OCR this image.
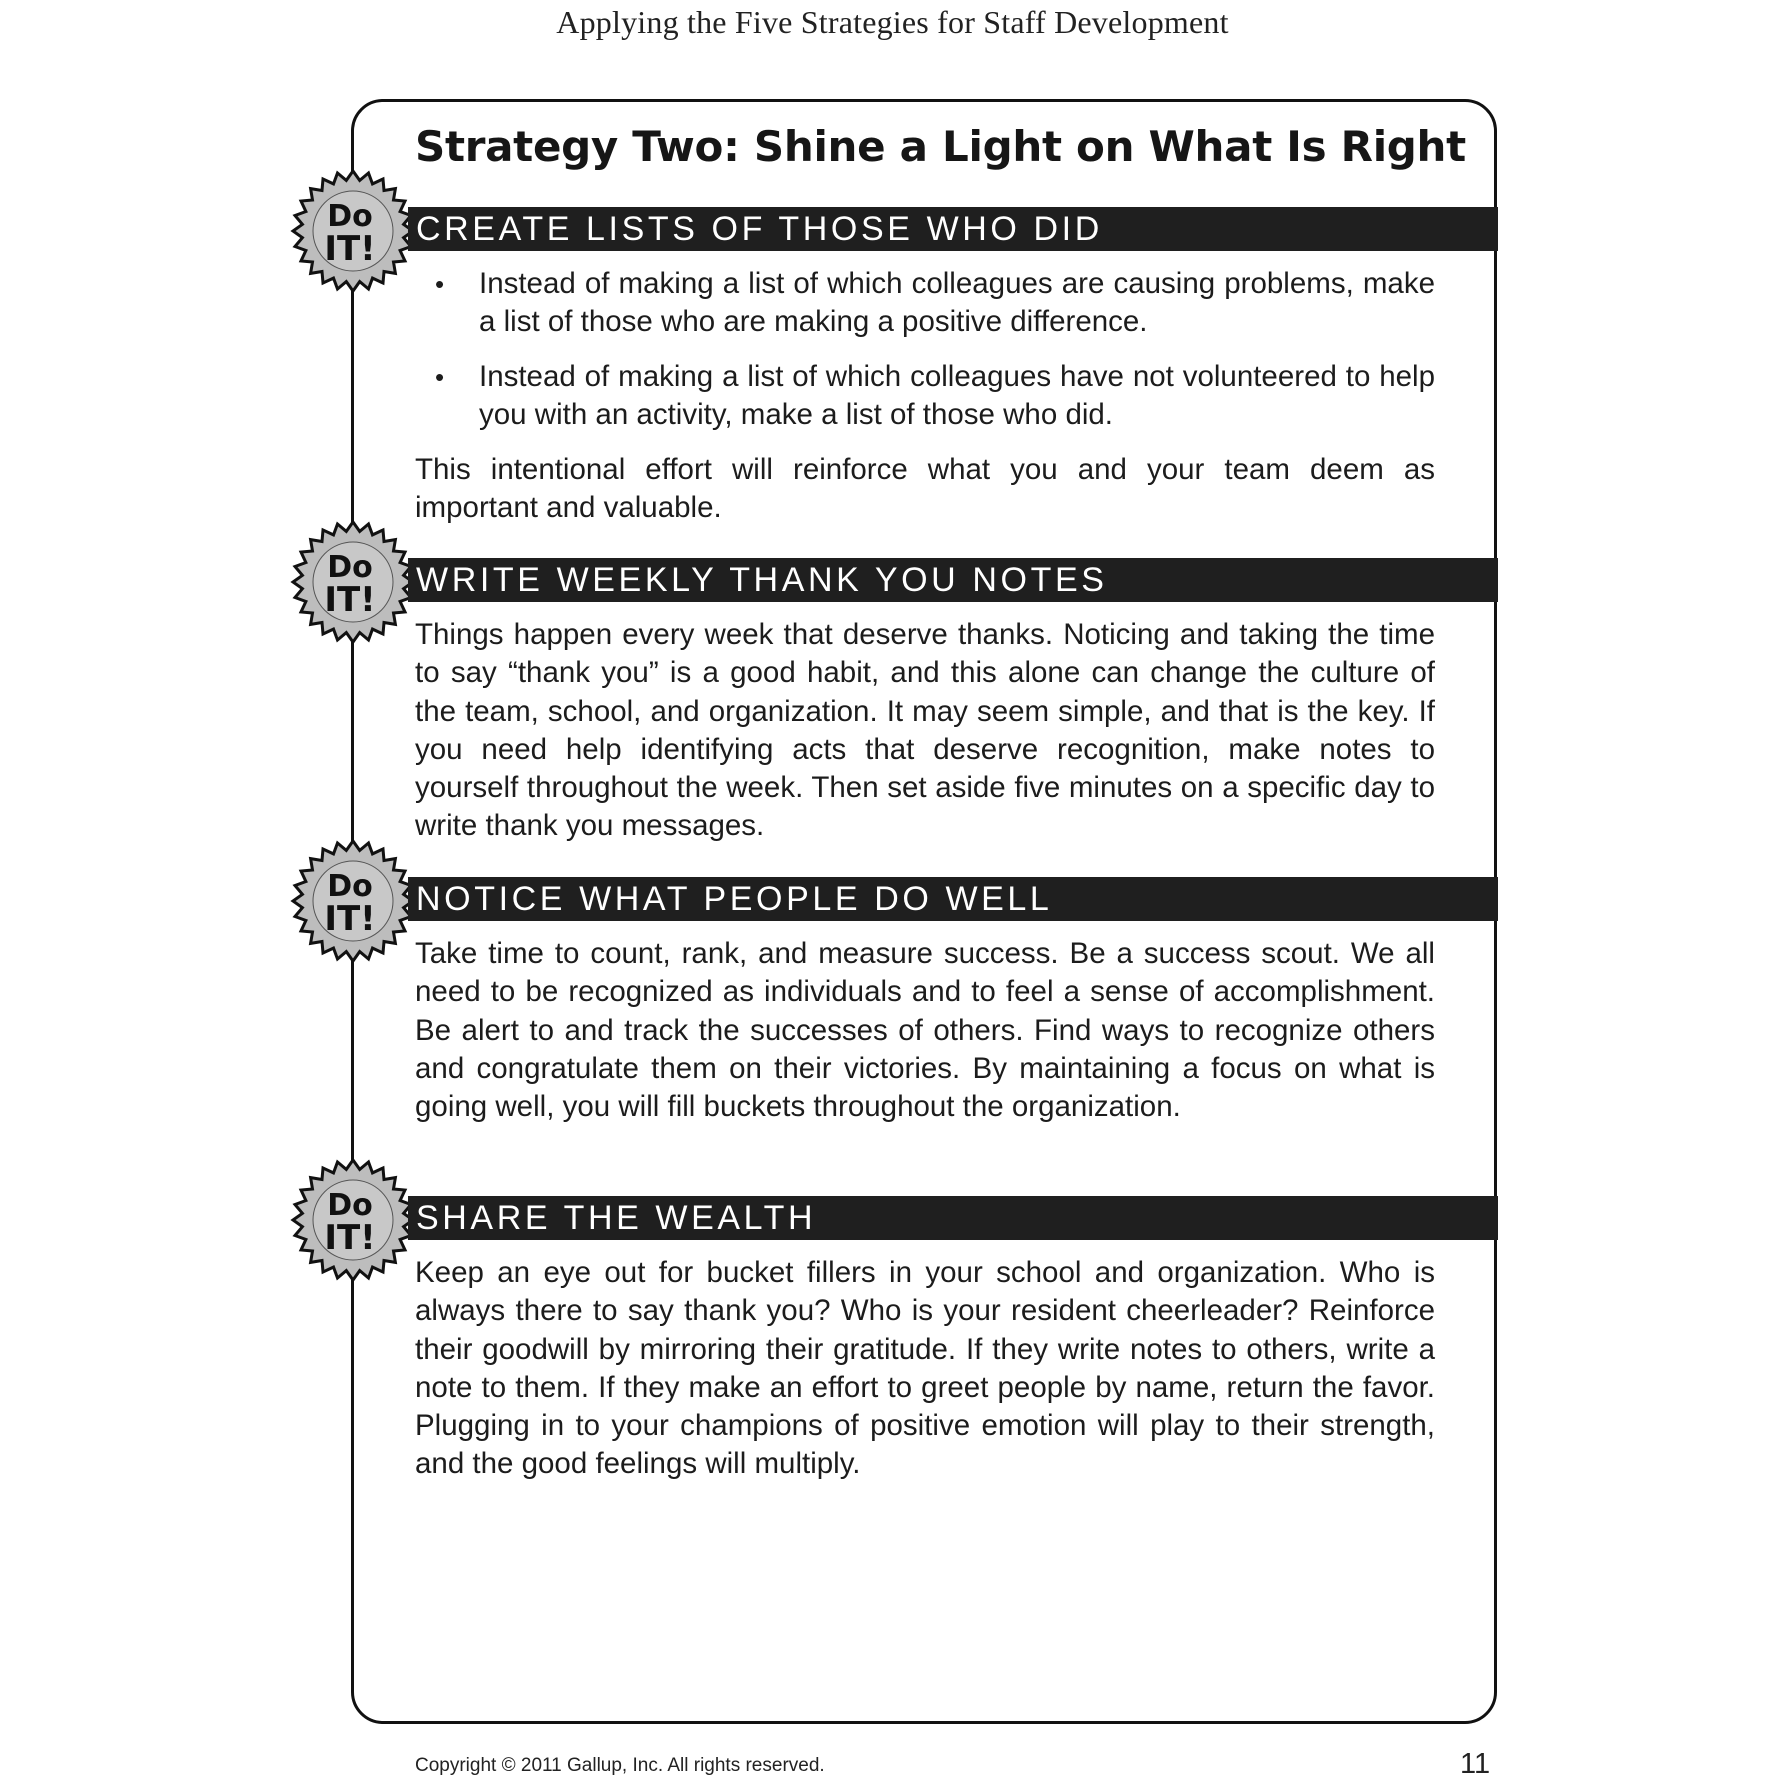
Applying the Five Strategies for Staff Development
Strategy Two: Shine a Light on What Is Right
Do
IT! CREATE LISTS OF THOSE WHO DID
• Instead of making a list of which colleagues are causing problems, make a list of those who are making a positive difference.

• Instead of making a list of which colleagues have not volunteered to help you with an activity, make a list of those who did.

This intentional effort will reinforce what you and your team deem as important and valuable.

Do
IT! WRITE WEEKLY THANK YOU NOTES

Things happen every week that deserve thanks. Noticing and taking the time to say “thank you” is a good habit, and this alone can change the culture of the team, school, and organization. It may seem simple, and that is the key. If you need help identifying acts that deserve recognition, make notes to yourself throughout the week. Then set aside five minutes on a specific day to write thank you messages.

Do
IT! NOTICE WHAT PEOPLE DO WELL

Take time to count, rank, and measure success. Be a success scout. We all need to be recognized as individuals and to feel a sense of accomplishment. Be alert to and track the successes of others. Find ways to recognize others and congratulate them on their victories. By maintaining a focus on what is going well, you will fill buckets throughout the organization.

Do
IT! SHARE THE WEALTH

Keep an eye out for bucket fillers in your school and organization. Who is always there to say thank you? Who is your resident cheerleader? Reinforce their goodwill by mirroring their gratitude. If they write notes to others, write a note to them. If they make an effort to greet people by name, return the favor. Plugging in to your champions of positive emotion will play to their strength, and the good feelings will multiply.

Copyright © 2011 Gallup, Inc. All rights reserved.	11
